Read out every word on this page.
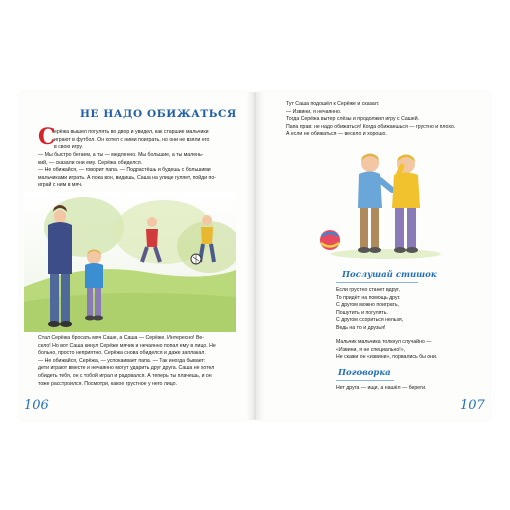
НЕ НАДО ОБИЖАТЬСЯ
С
ерёжа вышел погулять во двор и увидел, как старшие мальчики
играют в футбол. Он хотел с ними поиграть, но они не взяли его
в свою игру.
— Мы быстро бегаем, а ты — медленно. Мы большие, а ты малень-
кий, — сказали они ему. Серёжа обиделся.
— Не обижайся, — говорит папа. — Подрастёшь и будешь с большими
мальчиками играть. А пока вон, видишь, Саша на улице гуляет, пойди по-
играй с ним в мяч.
Стал Серёжа бросать мяч Саше, а Саша — Серёже. Интересно! Ве-
село! Но вот Саша кинул Серёже мячик и нечаянно попал ему в лицо. Не
больно, просто неприятно. Серёжа снова обиделся и даже заплакал.
— Не обижайся, Серёжа, — успокаивает папа. — Так иногда бывает:
дети играют вместе и нечаянно могут ударить друг друга. Саша не хотел
обидеть тебя, он с тобой играл и радовался. А теперь ты плачешь, и он
тоже расстроился. Посмотри, какое грустное у него лицо.
106
Тут Саша подошёл к Серёже и сказал:
— Извини, я нечаянно.
Тогда Серёжа вытер слёзы и продолжил игру с Сашей.
Папа прав: не надо обижаться! Когда обижаешься — грустно и плохо.
А если не обижаться — весело и хорошо.
Послушай стишок
Если грустно станет вдруг,
То придёт на помощь друг.
С другом можно поиграть,
Пошутить и погулять.
С другом ссориться нельзя,
Ведь на то и друзья!
Мальчик мальчика толкнул случайно —
«Извини, я не специально!»,
Не скажи он «извини», порвались бы они.
Поговорка
Нет друга — ищи, а нашёл — береги.
107
